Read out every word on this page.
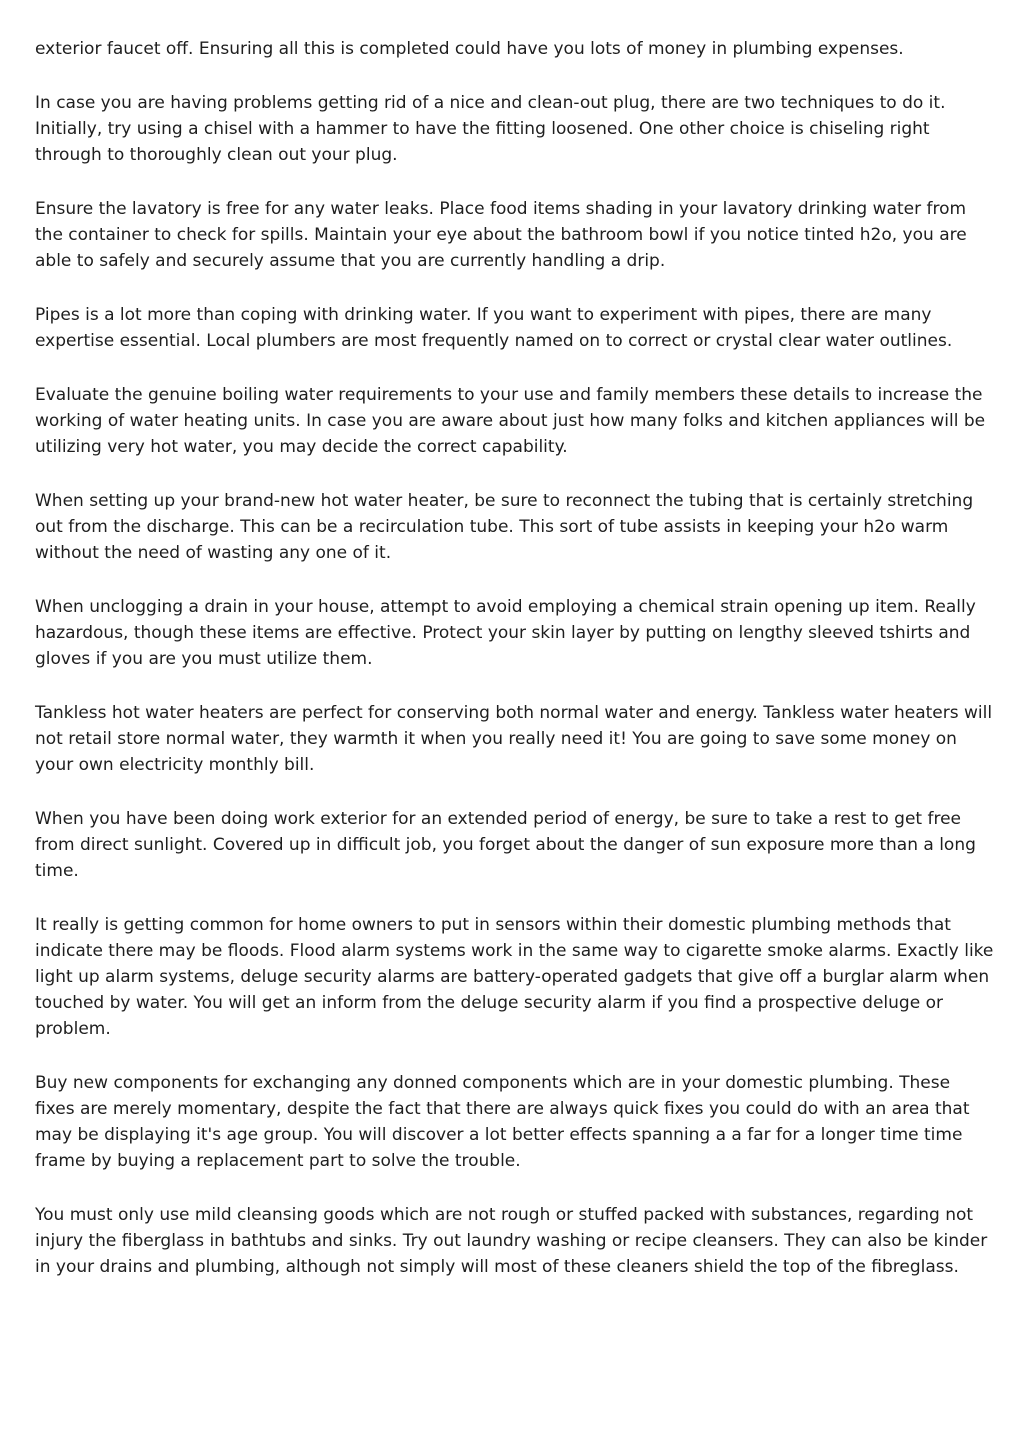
exterior faucet off. Ensuring all this is completed could have you lots of money in plumbing expenses.

In case you are having problems getting rid of a nice and clean-out plug, there are two techniques to do it. Initially, try using a chisel with a hammer to have the fitting loosened. One other choice is chiseling right through to thoroughly clean out your plug.

Ensure the lavatory is free for any water leaks. Place food items shading in your lavatory drinking water from the container to check for spills. Maintain your eye about the bathroom bowl if you notice tinted h2o, you are able to safely and securely assume that you are currently handling a drip.

Pipes is a lot more than coping with drinking water. If you want to experiment with pipes, there are many expertise essential. Local plumbers are most frequently named on to correct or crystal clear water outlines.

Evaluate the genuine boiling water requirements to your use and family members these details to increase the working of water heating units. In case you are aware about just how many folks and kitchen appliances will be utilizing very hot water, you may decide the correct capability.

When setting up your brand-new hot water heater, be sure to reconnect the tubing that is certainly stretching out from the discharge. This can be a recirculation tube. This sort of tube assists in keeping your h2o warm without the need of wasting any one of it.

When unclogging a drain in your house, attempt to avoid employing a chemical strain opening up item. Really hazardous, though these items are effective. Protect your skin layer by putting on lengthy sleeved tshirts and gloves if you are you must utilize them.

Tankless hot water heaters are perfect for conserving both normal water and energy. Tankless water heaters will not retail store normal water, they warmth it when you really need it! You are going to save some money on your own electricity monthly bill.

When you have been doing work exterior for an extended period of energy, be sure to take a rest to get free from direct sunlight. Covered up in difficult job, you forget about the danger of sun exposure more than a long time.

It really is getting common for home owners to put in sensors within their domestic plumbing methods that indicate there may be floods. Flood alarm systems work in the same way to cigarette smoke alarms. Exactly like light up alarm systems, deluge security alarms are battery-operated gadgets that give off a burglar alarm when touched by water. You will get an inform from the deluge security alarm if you find a prospective deluge or problem.

Buy new components for exchanging any donned components which are in your domestic plumbing. These fixes are merely momentary, despite the fact that there are always quick fixes you could do with an area that may be displaying it's age group. You will discover a lot better effects spanning a a far for a longer time time frame by buying a replacement part to solve the trouble.

You must only use mild cleansing goods which are not rough or stuffed packed with substances, regarding not injury the fiberglass in bathtubs and sinks. Try out laundry washing or recipe cleansers. They can also be kinder in your drains and plumbing, although not simply will most of these cleaners shield the top of the fibreglass.
